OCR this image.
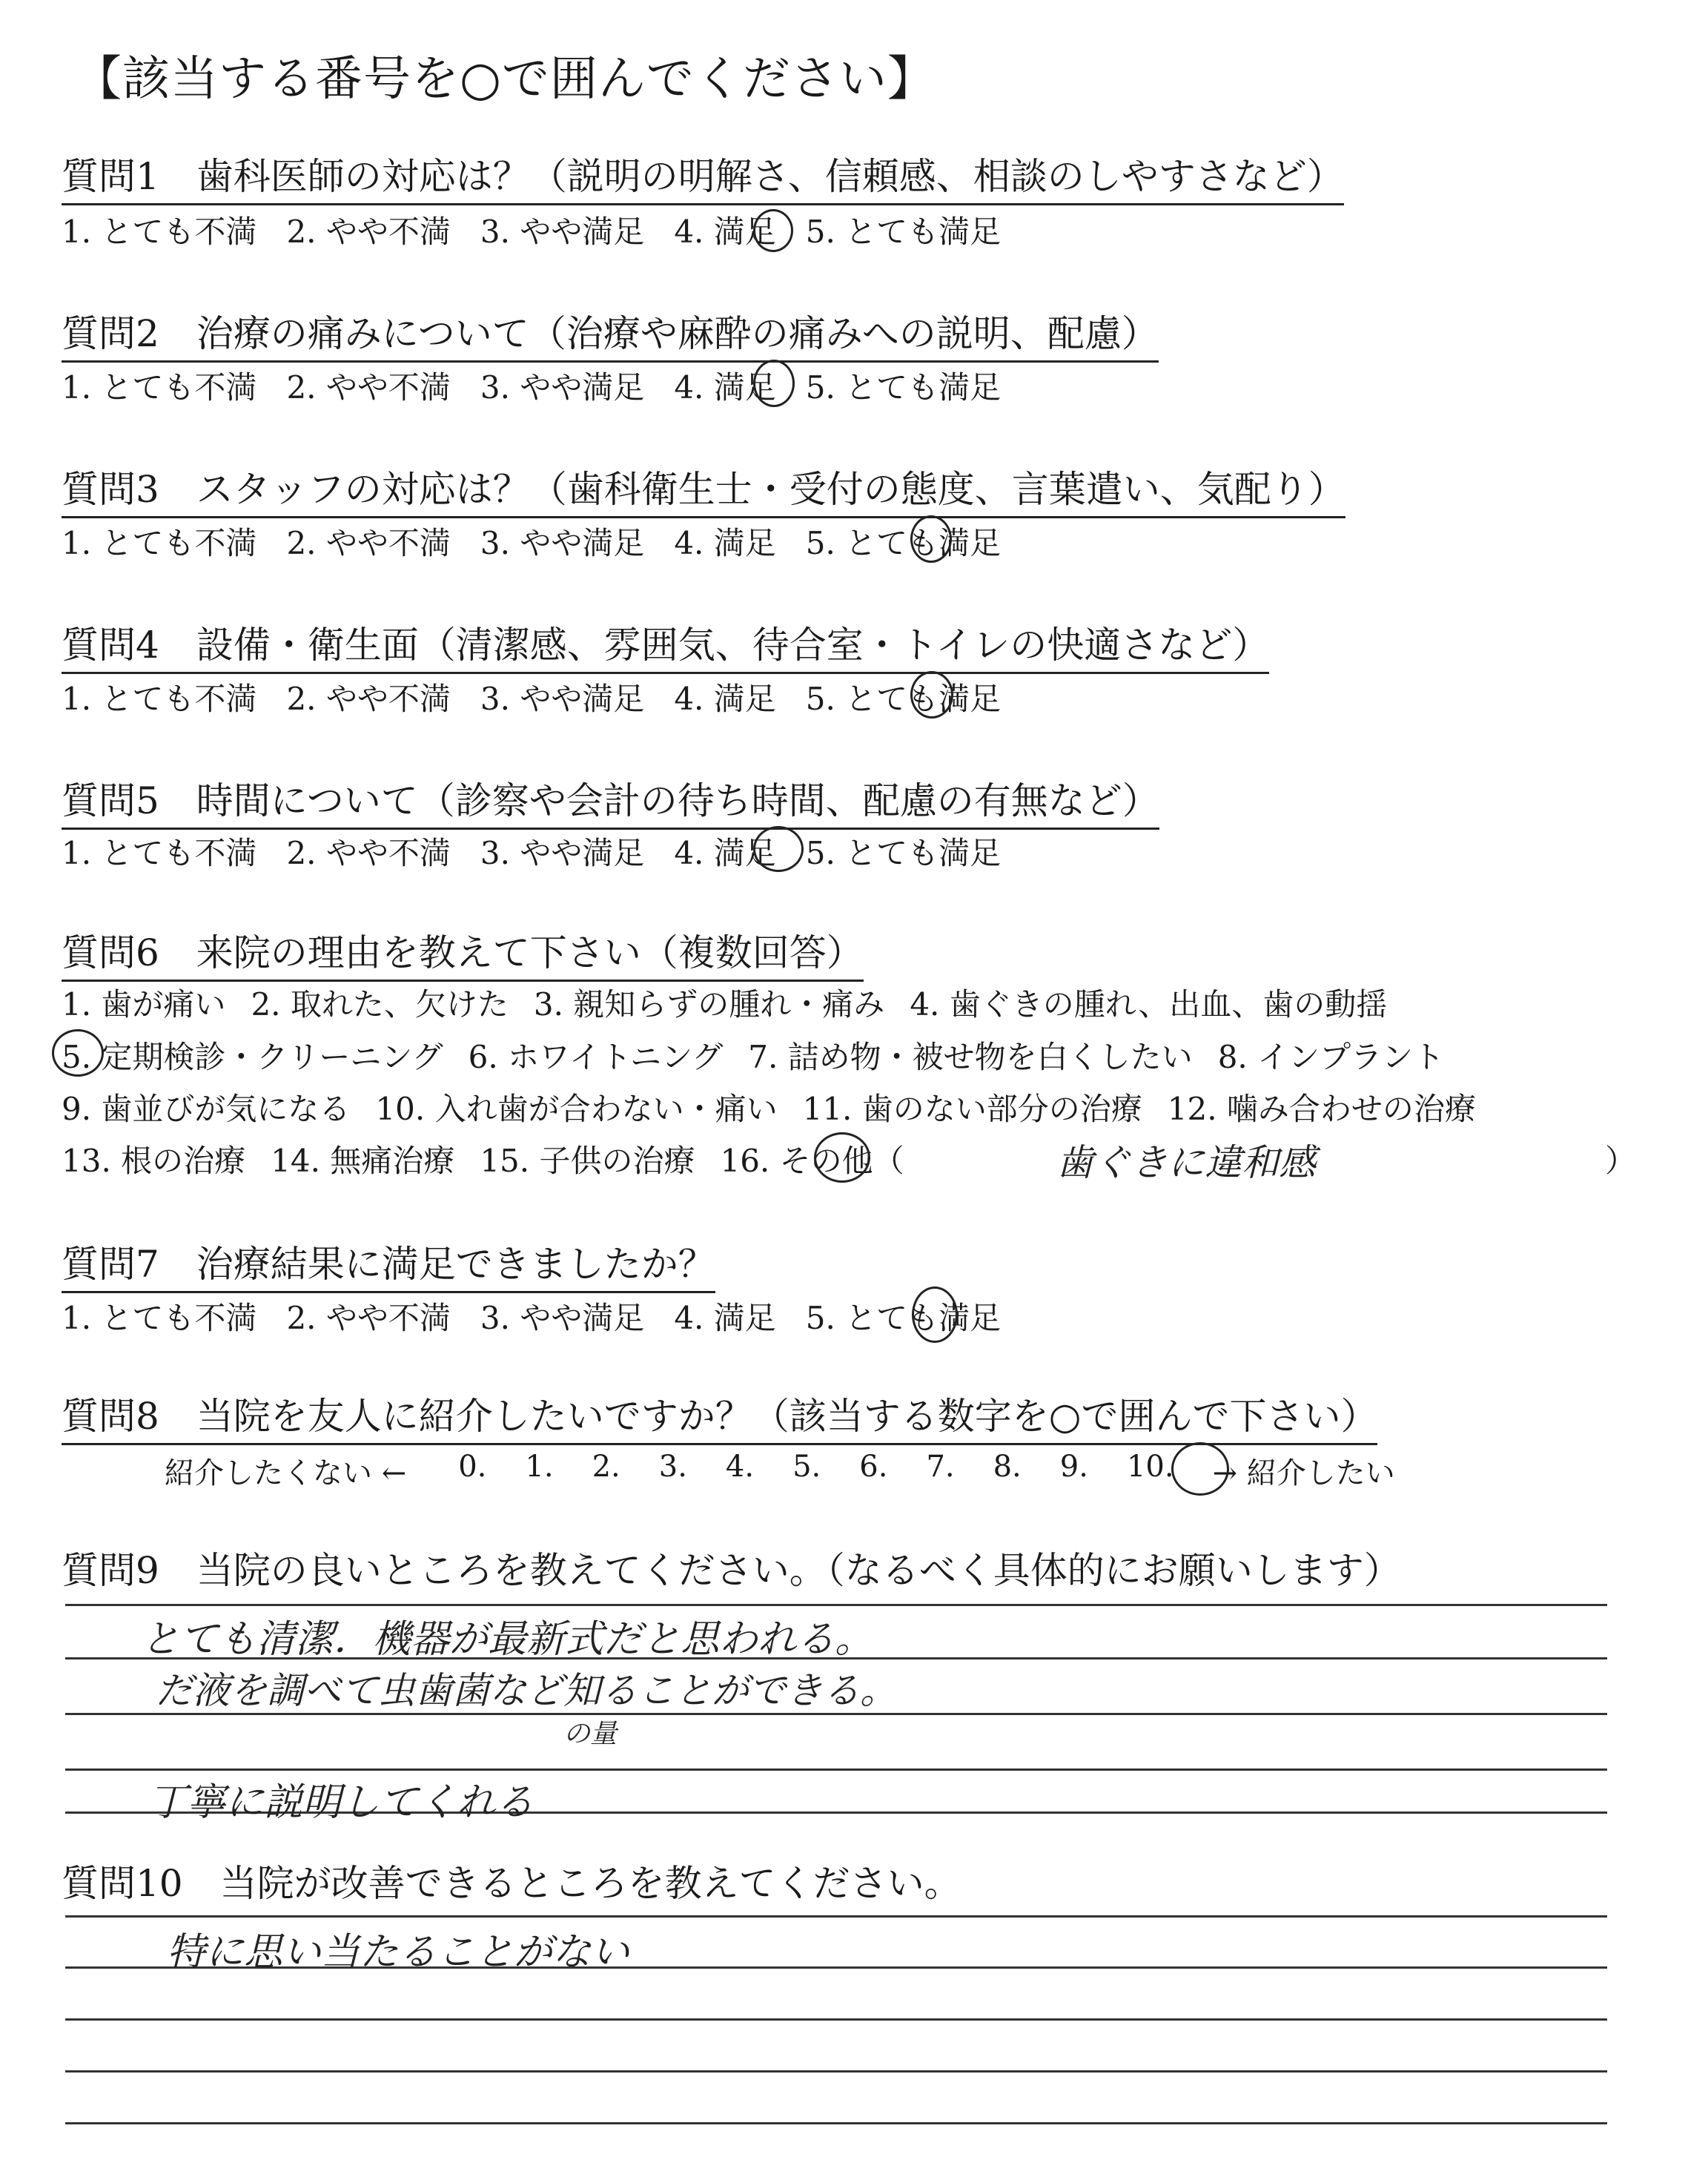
【該当する番号を○で囲んでください】
質問1　歯科医師の対応は？（説明の明解さ、信頼感、相談のしやすさなど）
1. とても不満 2. やや不満 3. やや満足 4. 満足 5. とても満足
質問2　治療の痛みについて（治療や麻酔の痛みへの説明、配慮）
1. とても不満 2. やや不満 3. やや満足 4. 満足 5. とても満足
質問3　スタッフの対応は？（歯科衛生士・受付の態度、言葉遣い、気配り）
1. とても不満 2. やや不満 3. やや満足 4. 満足 5. とても満足
質問4　設備・衛生面（清潔感、雰囲気、待合室・トイレの快適さなど）
1. とても不満 2. やや不満 3. やや満足 4. 満足 5. とても満足
質問5　時間について（診察や会計の待ち時間、配慮の有無など）
1. とても不満 2. やや不満 3. やや満足 4. 満足 5. とても満足
質問6　来院の理由を教えて下さい（複数回答）
1. 歯が痛い 2. 取れた、欠けた 3. 親知らずの腫れ・痛み 4. 歯ぐきの腫れ、出血、歯の動揺
5. 定期検診・クリーニング 6. ホワイトニング 7. 詰め物・被せ物を白くしたい 8. インプラント
9. 歯並びが気になる 10. 入れ歯が合わない・痛い 11. 歯のない部分の治療 12. 噛み合わせの治療
13. 根の治療 14. 無痛治療 15. 子供の治療 16. その他（	歯ぐきに違和感	）
質問7　治療結果に満足できましたか？
1. とても不満 2. やや不満 3. やや満足 4. 満足 5. とても満足
質問8　当院を友人に紹介したいですか？（該当する数字を○で囲んで下さい）
紹介したくない ← 0. 1. 2. 3. 4. 5. 6. 7. 8. 9. 10. → 紹介したい
質問9　当院の良いところを教えてください。（なるべく具体的にお願いします）
とても清潔．機器が最新式だと思われる。
だ液を調べて虫歯菌など知ることができる。
の量
丁寧に説明してくれる
質問10　当院が改善できるところを教えてください。
特に思い当たることがない
